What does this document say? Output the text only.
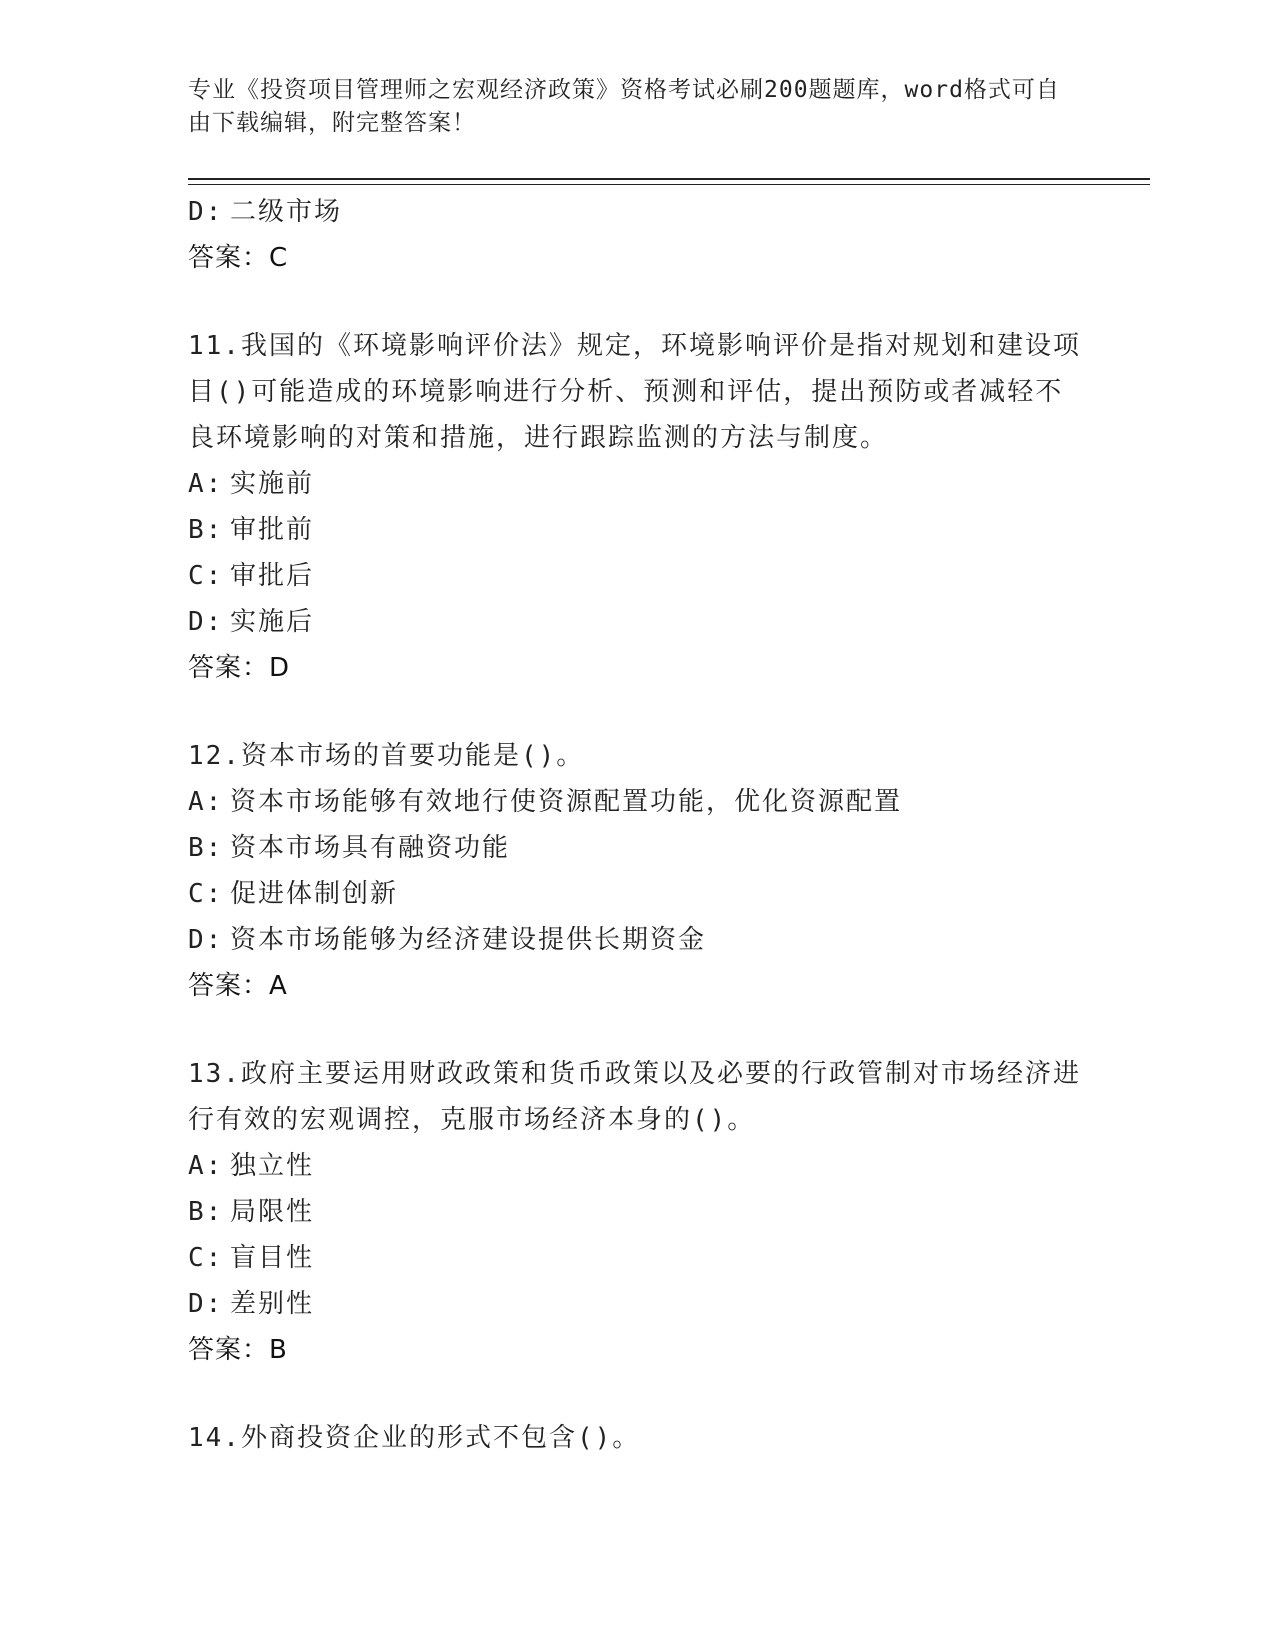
专业《投资项目管理师之宏观经济政策》资格考试必刷200题题库，word格式可自由下载编辑，附完整答案！
D: 二级市场
答案：C
11.我国的《环境影响评价法》规定，环境影响评价是指对规划和建设项目()可能造成的环境影响进行分析、预测和评估，提出预防或者减轻不良环境影响的对策和措施，进行跟踪监测的方法与制度。
A: 实施前
B: 审批前
C: 审批后
D: 实施后
答案：D
12.资本市场的首要功能是()。
A: 资本市场能够有效地行使资源配置功能，优化资源配置
B: 资本市场具有融资功能
C: 促进体制创新
D: 资本市场能够为经济建设提供长期资金
答案：A
13.政府主要运用财政政策和货币政策以及必要的行政管制对市场经济进行有效的宏观调控，克服市场经济本身的()。
A: 独立性
B: 局限性
C: 盲目性
D: 差别性
答案：B
14.外商投资企业的形式不包含()。
